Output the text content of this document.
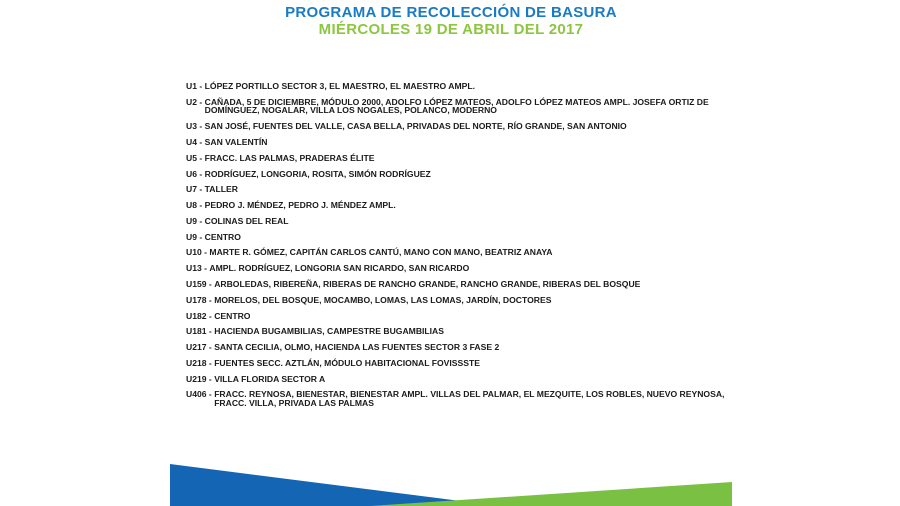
PROGRAMA DE RECOLECCIÓN DE BASURA
MIÉRCOLES 19 DE ABRIL DEL 2017
U1 - LÓPEZ PORTILLO SECTOR 3, EL MAESTRO, EL MAESTRO AMPL.
U2 - CAÑADA, 5 DE DICIEMBRE, MÓDULO 2000, ADOLFO LÓPEZ MATEOS, ADOLFO LÓPEZ MATEOS AMPL. JOSEFA ORTIZ DE DOMÍNGUEZ, NOGALAR, VILLA LOS NOGALES, POLANCO, MODERNO
U3 - SAN JOSÉ, FUENTES DEL VALLE, CASA BELLA, PRIVADAS DEL NORTE, RÍO GRANDE, SAN ANTONIO
U4 - SAN VALENTÍN
U5 - FRACC. LAS PALMAS, PRADERAS ÉLITE
U6 - RODRÍGUEZ, LONGORIA, ROSITA, SIMÓN RODRÍGUEZ
U7 - TALLER
U8 - PEDRO J. MÉNDEZ, PEDRO J. MÉNDEZ AMPL.
U9 - COLINAS DEL REAL
U9 - CENTRO
U10 - MARTE R. GÓMEZ, CAPITÁN CARLOS CANTÚ, MANO CON MANO, BEATRIZ ANAYA
U13 - AMPL. RODRÍGUEZ, LONGORIA SAN RICARDO, SAN RICARDO
U159 - ARBOLEDAS, RIBEREÑA, RIBERAS DE RANCHO GRANDE, RANCHO GRANDE, RIBERAS DEL BOSQUE
U178 - MORELOS, DEL BOSQUE, MOCAMBO, LOMAS, LAS LOMAS, JARDÍN, DOCTORES
U182 - CENTRO
U181 - HACIENDA BUGAMBILIAS, CAMPESTRE BUGAMBILIAS
U217 - SANTA CECILIA, OLMO, HACIENDA LAS FUENTES SECTOR 3 FASE 2
U218 - FUENTES SECC. AZTLÁN, MÓDULO HABITACIONAL FOVISSSTE
U219 - VILLA FLORIDA SECTOR A
U406 - FRACC. REYNOSA, BIENESTAR, BIENESTAR AMPL. VILLAS DEL PALMAR, EL MEZQUITE, LOS ROBLES, NUEVO REYNOSA, FRACC. VILLA, PRIVADA LAS PALMAS
